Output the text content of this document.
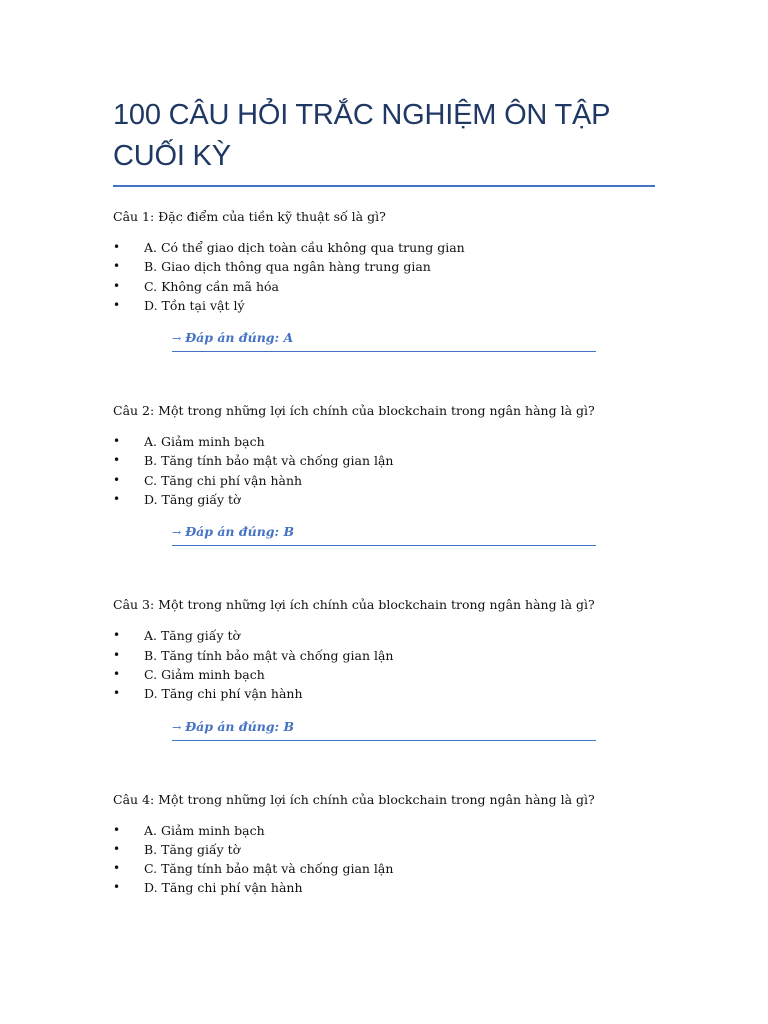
100 CÂU HỎI TRẮC NGHIỆM ÔN TẬP CUỐI KỲ

Câu 1: Đặc điểm của tiền kỹ thuật số là gì?

• A. Có thể giao dịch toàn cầu không qua trung gian
• B. Giao dịch thông qua ngân hàng trung gian
• C. Không cần mã hóa
• D. Tồn tại vật lý
→ Đáp án đúng: A

Câu 2: Một trong những lợi ích chính của blockchain trong ngân hàng là gì?

• A. Giảm minh bạch
• B. Tăng tính bảo mật và chống gian lận
• C. Tăng chi phí vận hành
• D. Tăng giấy tờ
→ Đáp án đúng: B

Câu 3: Một trong những lợi ích chính của blockchain trong ngân hàng là gì?

• A. Tăng giấy tờ
• B. Tăng tính bảo mật và chống gian lận
• C. Giảm minh bạch
• D. Tăng chi phí vận hành
→ Đáp án đúng: B

Câu 4: Một trong những lợi ích chính của blockchain trong ngân hàng là gì?

• A. Giảm minh bạch
• B. Tăng giấy tờ
• C. Tăng tính bảo mật và chống gian lận
• D. Tăng chi phí vận hành
